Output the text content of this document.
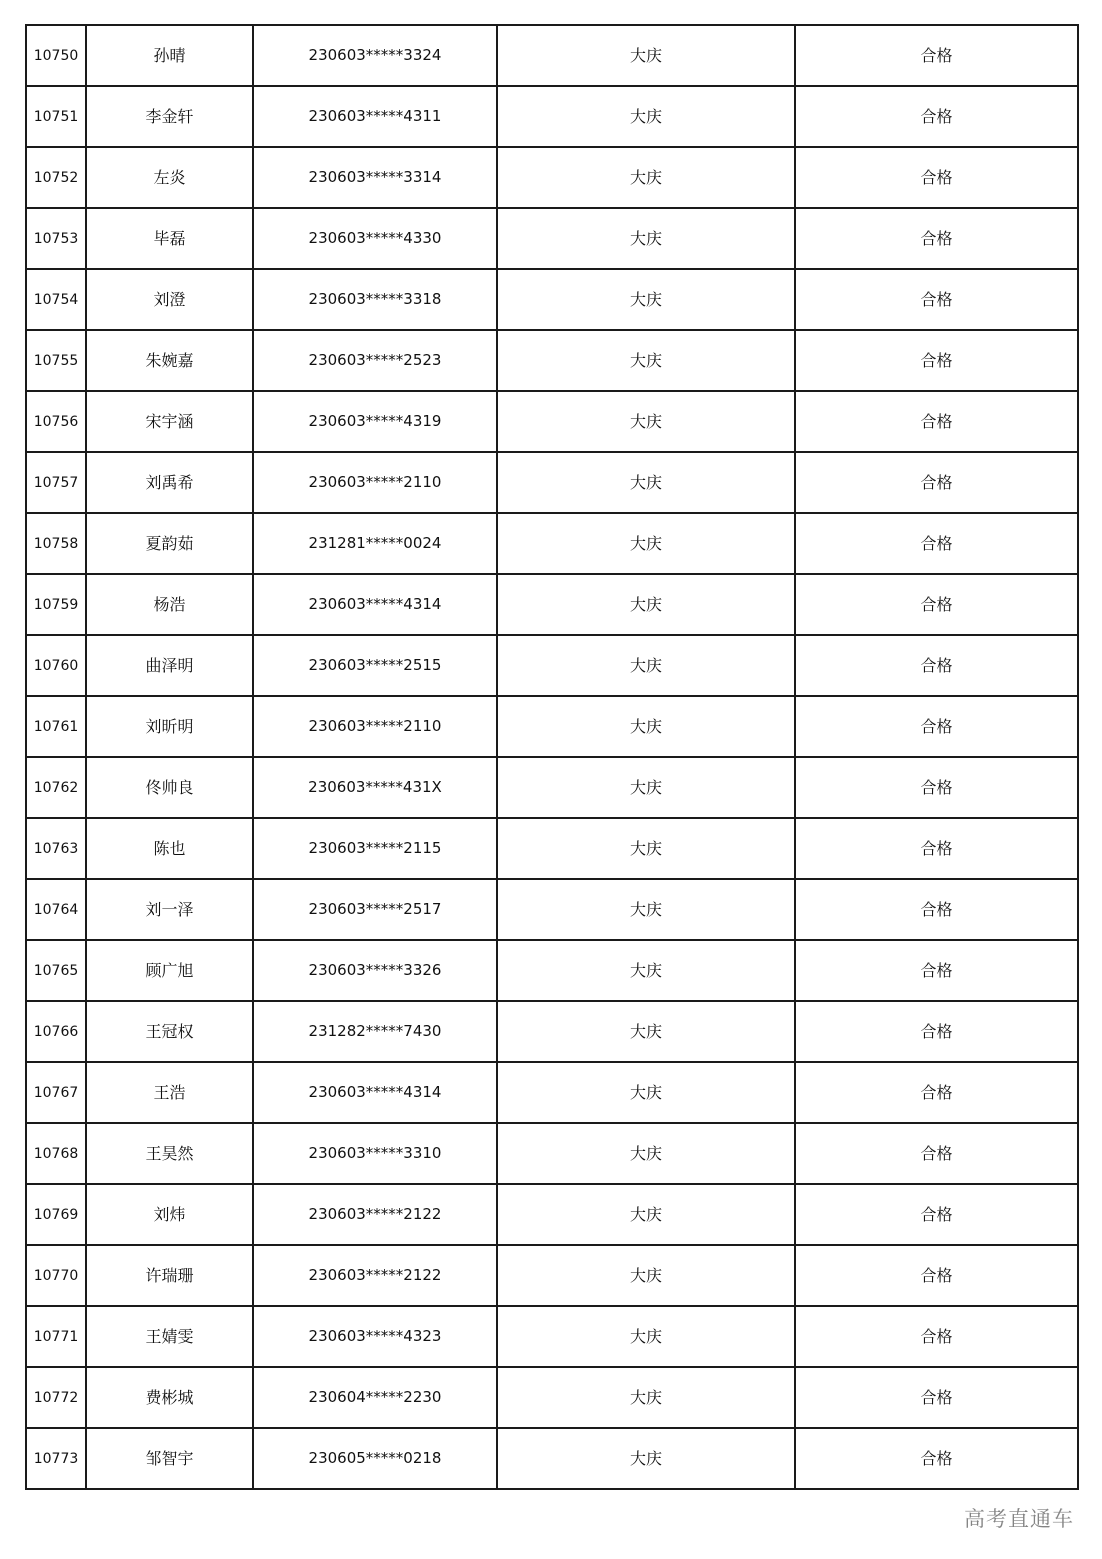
10750	孙晴	230603*****3324	大庆	合格
10751	李金轩	230603*****4311	大庆	合格
10752	左炎	230603*****3314	大庆	合格
10753	毕磊	230603*****4330	大庆	合格
10754	刘澄	230603*****3318	大庆	合格
10755	朱婉嘉	230603*****2523	大庆	合格
10756	宋宇涵	230603*****4319	大庆	合格
10757	刘禹希	230603*****2110	大庆	合格
10758	夏韵茹	231281*****0024	大庆	合格
10759	杨浩	230603*****4314	大庆	合格
10760	曲泽明	230603*****2515	大庆	合格
10761	刘昕明	230603*****2110	大庆	合格
10762	佟帅良	230603*****431X	大庆	合格
10763	陈也	230603*****2115	大庆	合格
10764	刘一泽	230603*****2517	大庆	合格
10765	顾广旭	230603*****3326	大庆	合格
10766	王冠权	231282*****7430	大庆	合格
10767	王浩	230603*****4314	大庆	合格
10768	王昊然	230603*****3310	大庆	合格
10769	刘炜	230603*****2122	大庆	合格
10770	许瑞珊	230603*****2122	大庆	合格
10771	王婧雯	230603*****4323	大庆	合格
10772	费彬城	230604*****2230	大庆	合格
10773	邹智宇	230605*****0218	大庆	合格
高考直通车
